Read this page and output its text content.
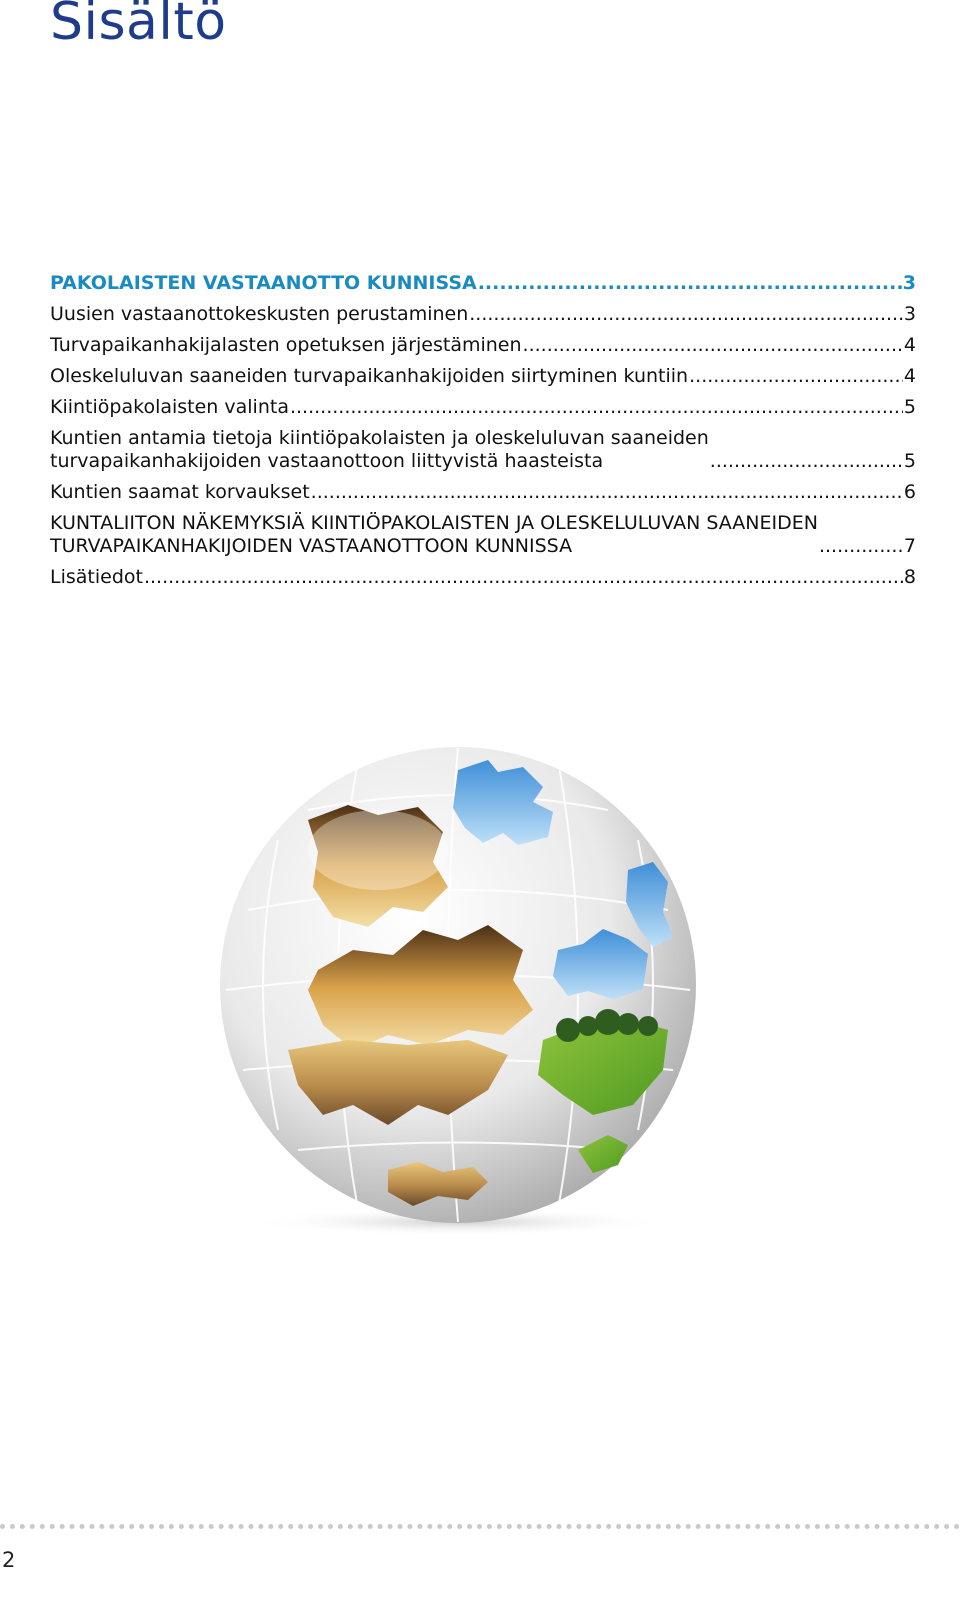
Sisältö
PAKOLAISTEN VASTAANOTTO KUNNISSA .....	3
Uusien vastaanottokeskusten perustaminen .....	3
Turvapaikanhakijalasten opetuksen järjestäminen .....	4
Oleskeluluvan saaneiden turvapaikanhakijoiden siirtyminen kuntiin .....	4
Kiintiöpakolaisten valinta .....	5
Kuntien antamia tietoja kiintiöpakolaisten ja oleskeluluvan saaneiden
turvapaikanhakijoiden vastaanottoon liittyvistä haasteista .....	5
Kuntien saamat korvaukset .....	6
KUNTALIITON NÄKEMYKSIÄ KIINTIÖPAKOLAISTEN JA OLESKELULUVAN SAANEIDEN
TURVAPAIKANHAKIJOIDEN VASTAANOTTOON KUNNISSA .....	7
Lisätiedot .....	8
2
